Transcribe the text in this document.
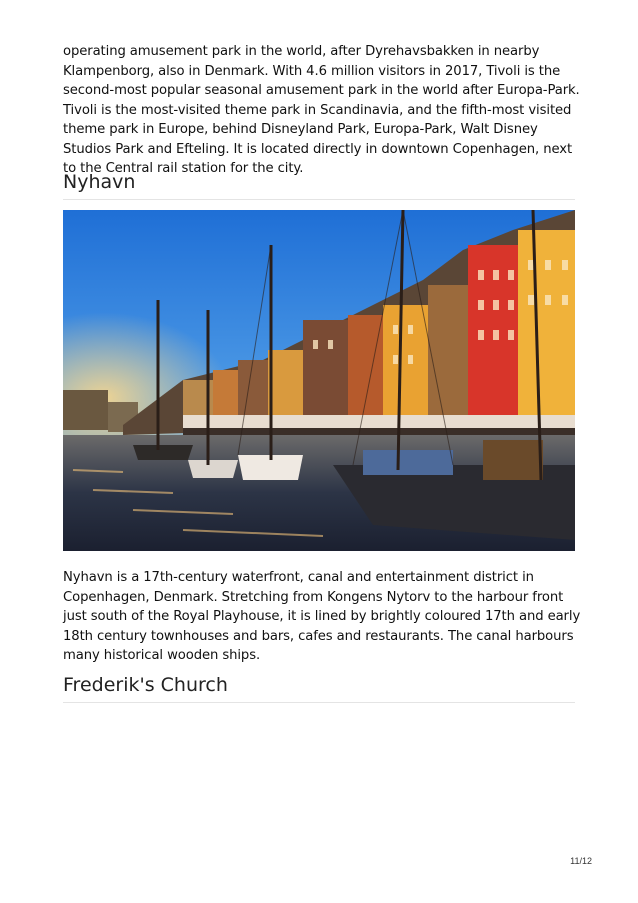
operating amusement park in the world, after Dyrehavsbakken in nearby Klampenborg, also in Denmark. With 4.6 million visitors in 2017, Tivoli is the second-most popular seasonal amusement park in the world after Europa-Park. Tivoli is the most-visited theme park in Scandinavia, and the fifth-most visited theme park in Europe, behind Disneyland Park, Europa-Park, Walt Disney Studios Park and Efteling. It is located directly in downtown Copenhagen, next to the Central rail station for the city.

Nyhavn

Nyhavn is a 17th-century waterfront, canal and entertainment district in Copenhagen, Denmark. Stretching from Kongens Nytorv to the harbour front just south of the Royal Playhouse, it is lined by brightly coloured 17th and early 18th century townhouses and bars, cafes and restaurants. The canal harbours many historical wooden ships.

Frederik's Church
11/12
